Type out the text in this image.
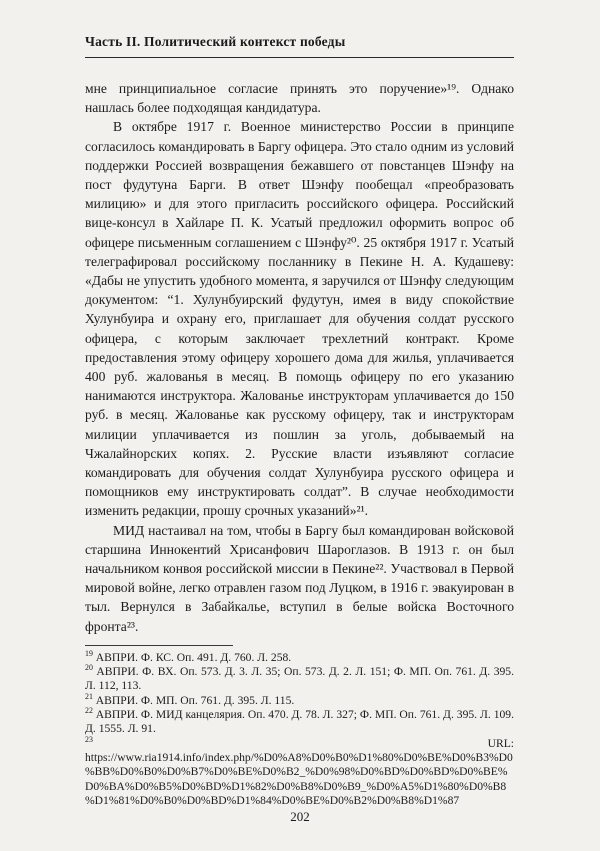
Часть II. Политический контекст победы

мне принципиальное согласие принять это поручение»¹⁹. Однако нашлась более подходящая кандидатура.

В октябре 1917 г. Военное министерство России в принципе согласилось командировать в Баргу офицера. Это стало одним из условий поддержки Россией возвращения бежавшего от повстанцев Шэнфу на пост фудутуна Барги. В ответ Шэнфу пообещал «преобразовать милицию» и для этого пригласить российского офицера. Российский вице-консул в Хайларе П. К. Усатый предложил оформить вопрос об офицере письменным соглашением с Шэнфу²⁰. 25 октября 1917 г. Усатый телеграфировал российскому посланнику в Пекине Н. А. Кудашеву: «Дабы не упустить удобного момента, я заручился от Шэнфу следующим документом: “1. Хулунбуирский фудутун, имея в виду спокойствие Хулунбуира и охрану его, приглашает для обучения солдат русского офицера, с которым заключает трехлетний контракт. Кроме предоставления этому офицеру хорошего дома для жилья, уплачивается 400 руб. жалованья в месяц. В помощь офицеру по его указанию нанимаются инструктора. Жалованье инструкторам уплачивается до 150 руб. в месяц. Жалованье как русскому офицеру, так и инструкторам милиции уплачивается из пошлин за уголь, добываемый на Чжалайнорских копях. 2. Русские власти изъявляют согласие командировать для обучения солдат Хулунбуира русского офицера и помощников ему инструктировать солдат”. В случае необходимости изменить редакции, прошу срочных указаний»²¹.

МИД настаивал на том, чтобы в Баргу был командирован войсковой старшина Иннокентий Хрисанфович Шароглазов. В 1913 г. он был начальником конвоя российской миссии в Пекине²². Участвовал в Первой мировой войне, легко отравлен газом под Луцком, в 1916 г. эвакуирован в тыл. Вернулся в Забайкалье, вступил в белые войска Восточного фронта²³.

$^{19}$ АВПРИ. Ф. КС. Оп. 491. Д. 760. Л. 258.

$^{20}$ АВПРИ. Ф. ВХ. Оп. 573. Д. 3. Л. 35; Оп. 573. Д. 2. Л. 151; Ф. МП. Оп. 761. Д. 395. Л. 112, 113.

$^{21}$ АВПРИ. Ф. МП. Оп. 761. Д. 395. Л. 115.

$^{22}$ АВПРИ. Ф. МИД канцелярия. Оп. 470. Д. 78. Л. 327; Ф. МП. Оп. 761. Д. 395. Л. 109. Д. 1555. Л. 91.

$^{23}$ URL: https://www.ria1914.info/index.php/%D0%A8%D0%B0%D1%80%D0%BE%D0%B3%D0%BB%D0%B0%D0%B7%D0%BE%D0%B2_%D0%98%D0%BD%D0%BD%D0%BE%D0%BA%D0%B5%D0%BD%D1%82%D0%B8%D0%B9_%D0%A5%D1%80%D0%B8%D1%81%D0%B0%D0%BD%D1%84%D0%BE%D0%B2%D0%B8%D1%87

202
